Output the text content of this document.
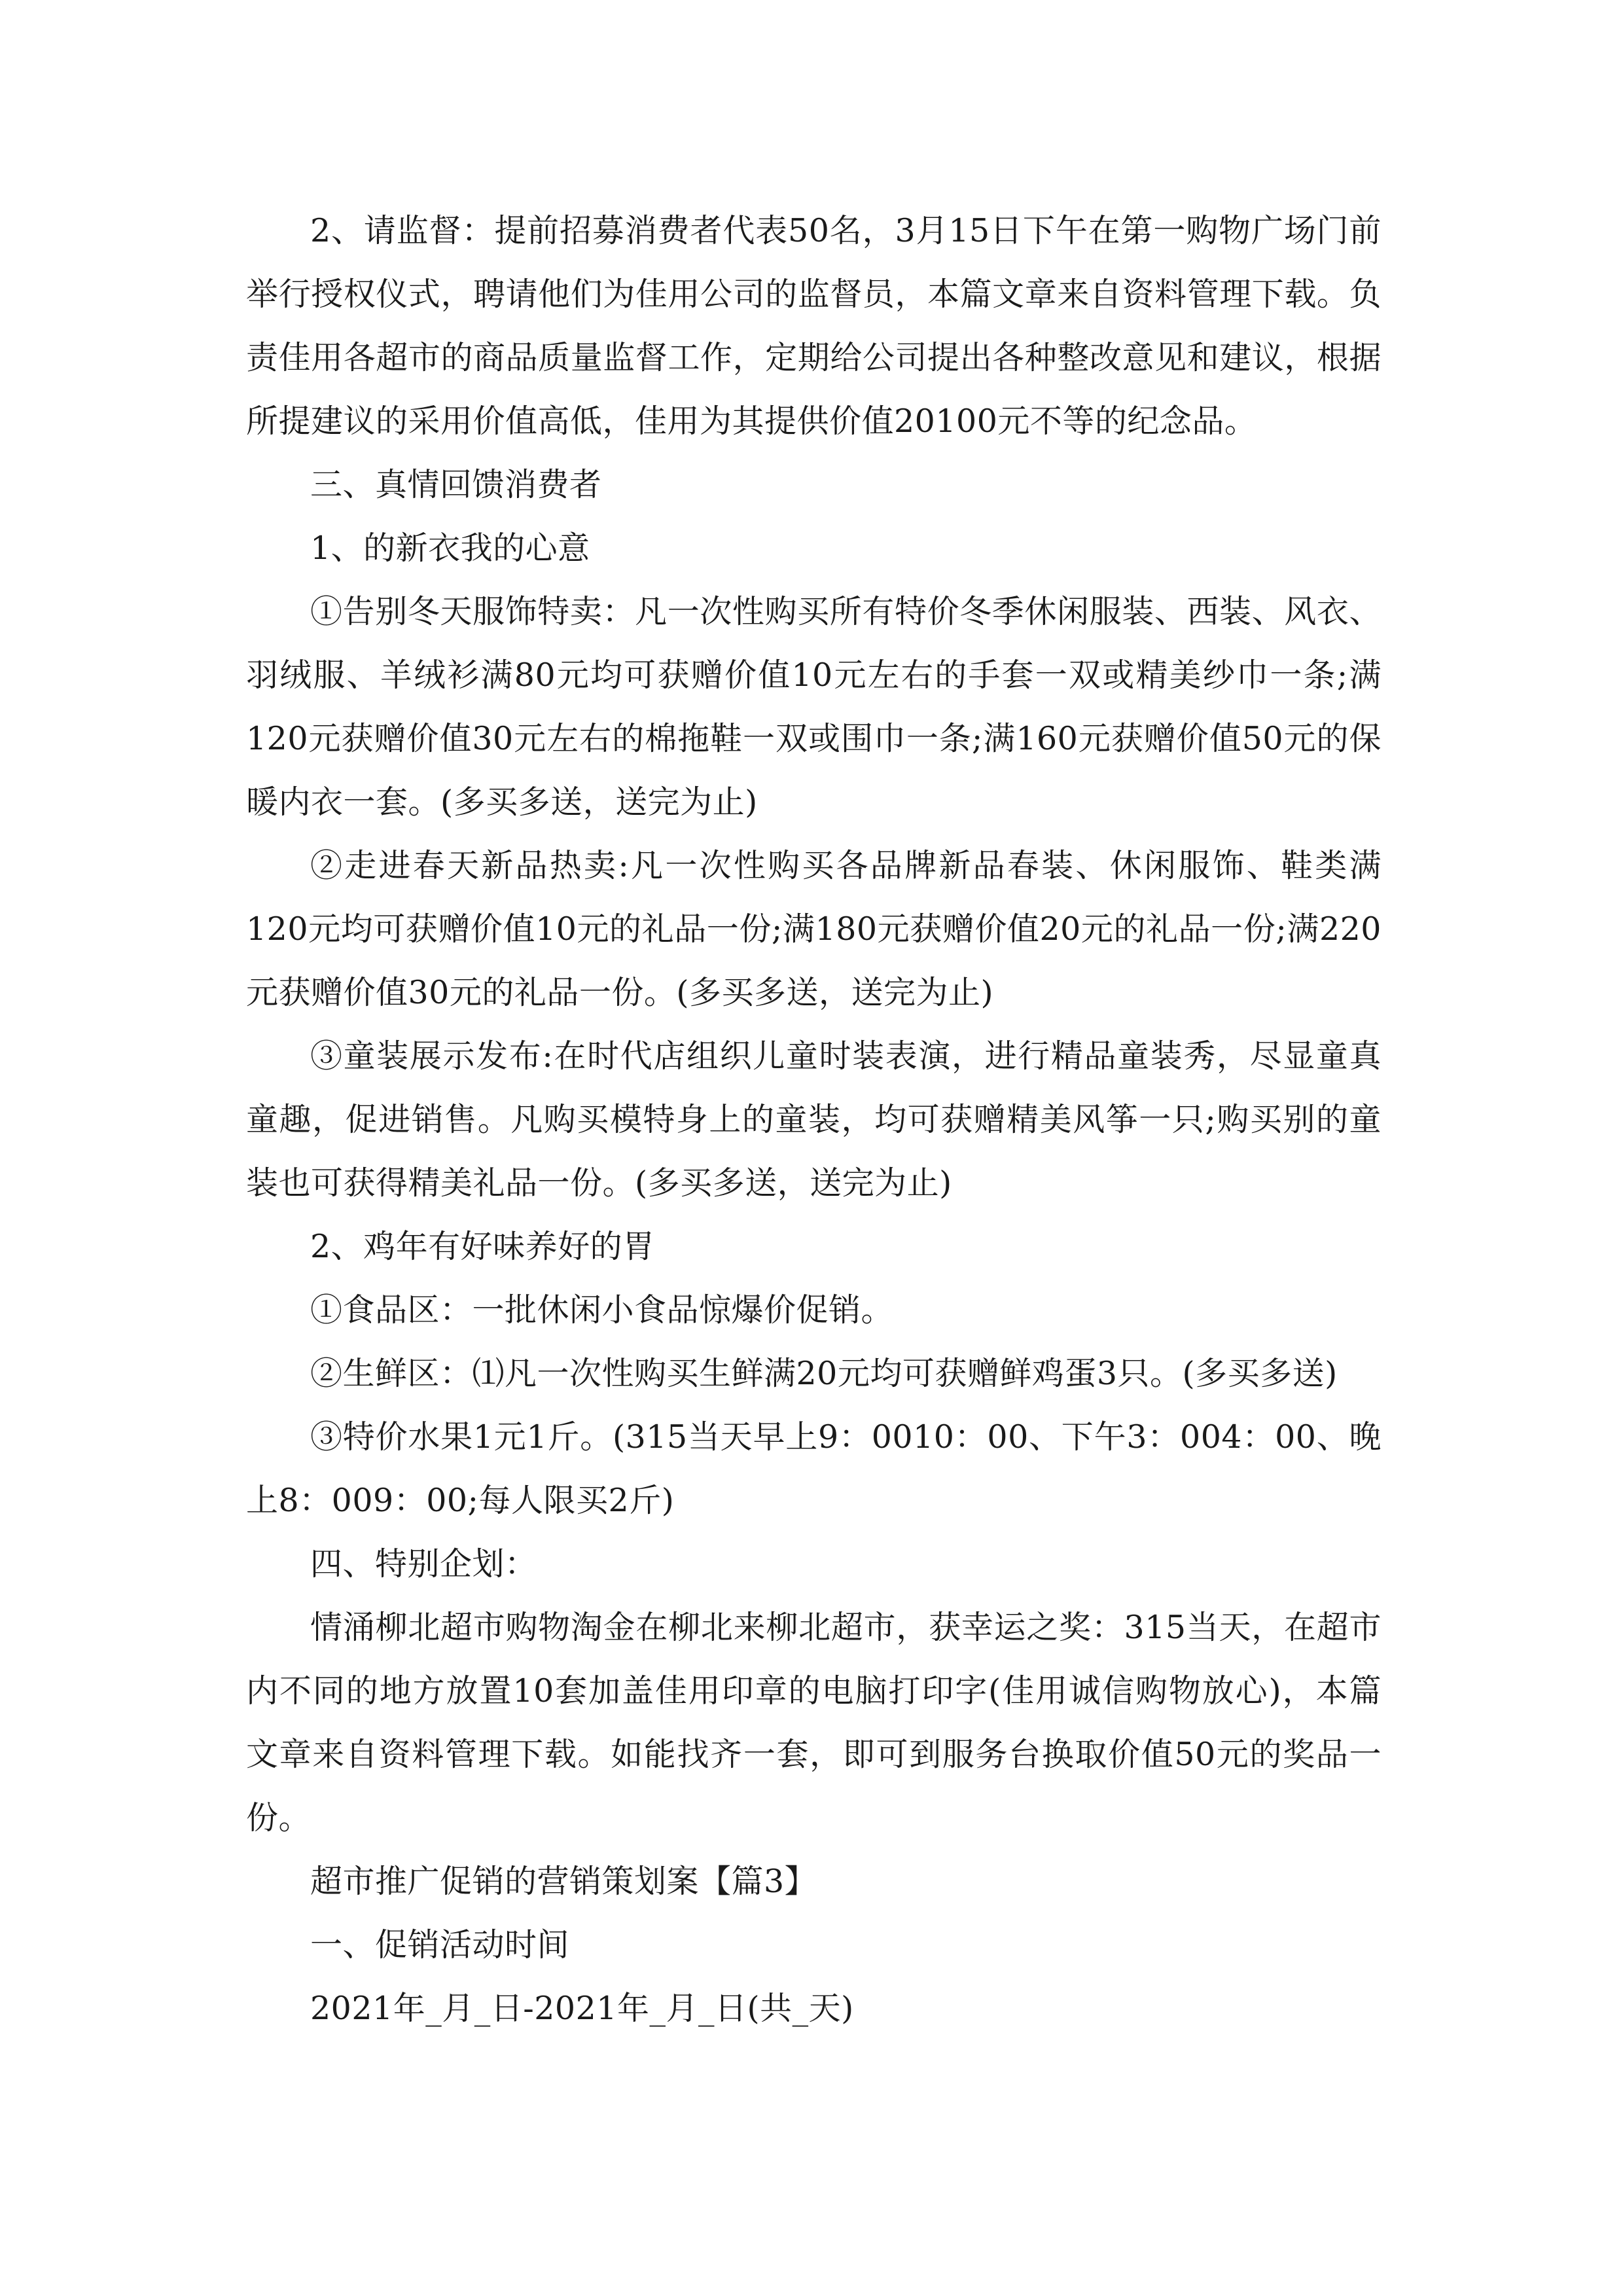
2、请监督：提前招募消费者代表50名，3月15日下午在第一购物广场门前举行授权仪式，聘请他们为佳用公司的监督员，本篇文章来自资料管理下载。负责佳用各超市的商品质量监督工作，定期给公司提出各种整改意见和建议，根据所提建议的采用价值高低，佳用为其提供价值20100元不等的纪念品。

三、真情回馈消费者

1、的新衣我的心意

①告别冬天服饰特卖：凡一次性购买所有特价冬季休闲服装、西装、风衣、羽绒服、羊绒衫满80元均可获赠价值10元左右的手套一双或精美纱巾一条;满120元获赠价值30元左右的棉拖鞋一双或围巾一条;满160元获赠价值50元的保暖内衣一套。(多买多送，送完为止)

②走进春天新品热卖:凡一次性购买各品牌新品春装、休闲服饰、鞋类满120元均可获赠价值10元的礼品一份;满180元获赠价值20元的礼品一份;满220元获赠价值30元的礼品一份。(多买多送，送完为止)

③童装展示发布:在时代店组织儿童时装表演，进行精品童装秀，尽显童真童趣，促进销售。凡购买模特身上的童装，均可获赠精美风筝一只;购买别的童装也可获得精美礼品一份。(多买多送，送完为止)

2、鸡年有好味养好的胃

①食品区：一批休闲小食品惊爆价促销。

②生鲜区：⑴凡一次性购买生鲜满20元均可获赠鲜鸡蛋3只。(多买多送)

③特价水果1元1斤。(315当天早上9：0010：00、下午3：004：00、晚上8：009：00;每人限买2斤)

四、特别企划：

情涌柳北超市购物淘金在柳北来柳北超市，获幸运之奖：315当天，在超市内不同的地方放置10套加盖佳用印章的电脑打印字(佳用诚信购物放心)，本篇文章来自资料管理下载。如能找齐一套，即可到服务台换取价值50元的奖品一份。

超市推广促销的营销策划案【篇3】

一、促销活动时间

2021年_月_日-2021年_月_日(共_天)
